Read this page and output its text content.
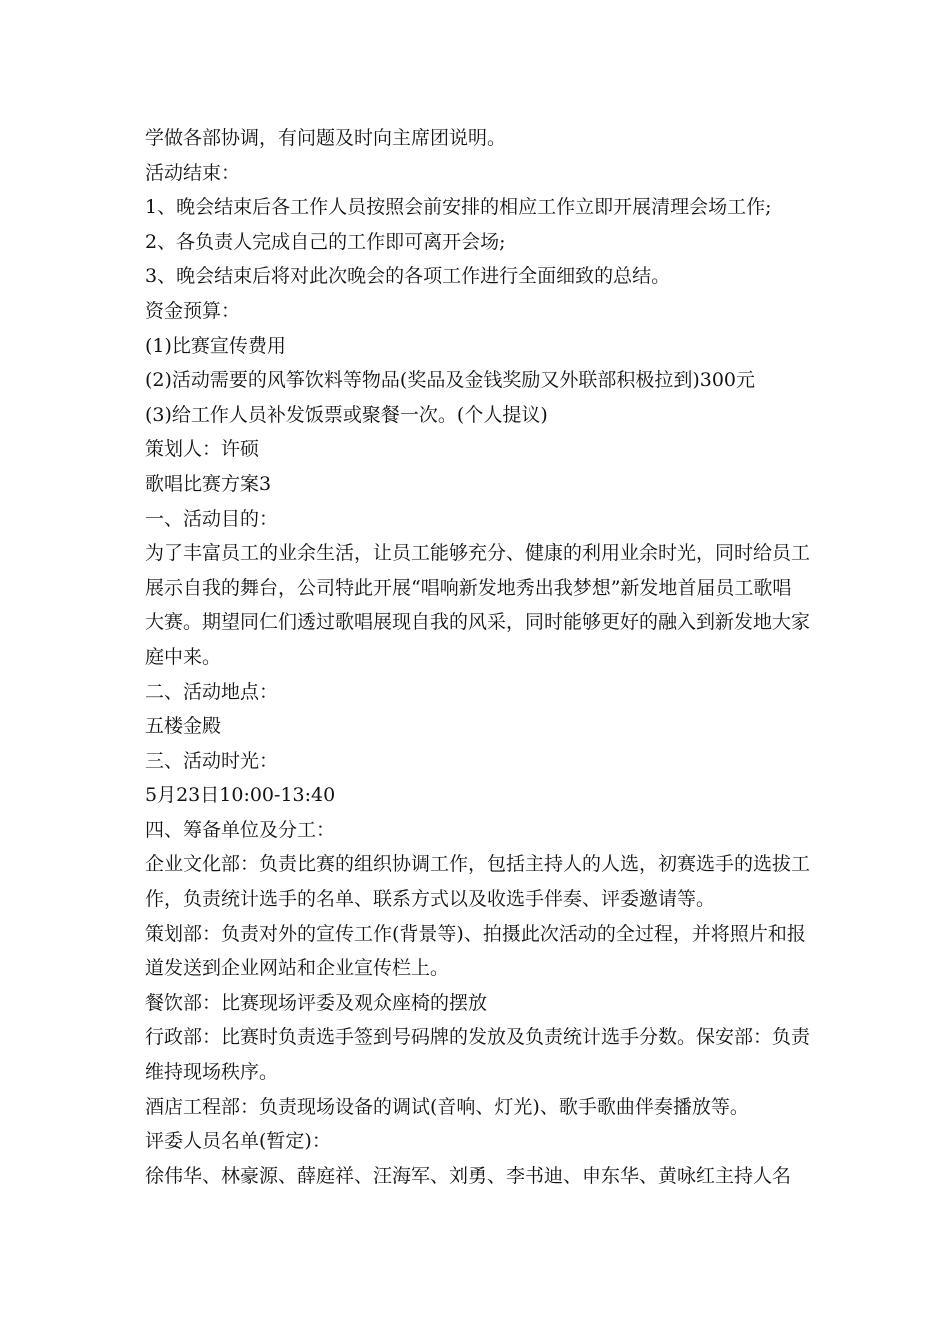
学做各部协调，有问题及时向主席团说明。

活动结束：

1、晚会结束后各工作人员按照会前安排的相应工作立即开展清理会场工作;

2、各负责人完成自己的工作即可离开会场;

3、晚会结束后将对此次晚会的各项工作进行全面细致的总结。

资金预算：

(1)比赛宣传费用

(2)活动需要的风筝饮料等物品(奖品及金钱奖励又外联部积极拉到)300元

(3)给工作人员补发饭票或聚餐一次。(个人提议)

策划人：许硕

歌唱比赛方案3

一、活动目的：

为了丰富员工的业余生活，让员工能够充分、健康的利用业余时光，同时给员工展示自我的舞台，公司特此开展“唱响新发地秀出我梦想”新发地首届员工歌唱大赛。期望同仁们透过歌唱展现自我的风采，同时能够更好的融入到新发地大家庭中来。

二、活动地点：

五楼金殿

三、活动时光：

5月23日10:00-13:40

四、筹备单位及分工：

企业文化部：负责比赛的组织协调工作，包括主持人的人选，初赛选手的选拔工作，负责统计选手的名单、联系方式以及收选手伴奏、评委邀请等。

策划部：负责对外的宣传工作(背景等)、拍摄此次活动的全过程，并将照片和报道发送到企业网站和企业宣传栏上。

餐饮部：比赛现场评委及观众座椅的摆放

行政部：比赛时负责选手签到号码牌的发放及负责统计选手分数。保安部：负责维持现场秩序。

酒店工程部：负责现场设备的调试(音响、灯光)、歌手歌曲伴奏播放等。

评委人员名单(暂定)：

徐伟华、林豪源、薛庭祥、汪海军、刘勇、李书迪、申东华、黄咏红主持人名
